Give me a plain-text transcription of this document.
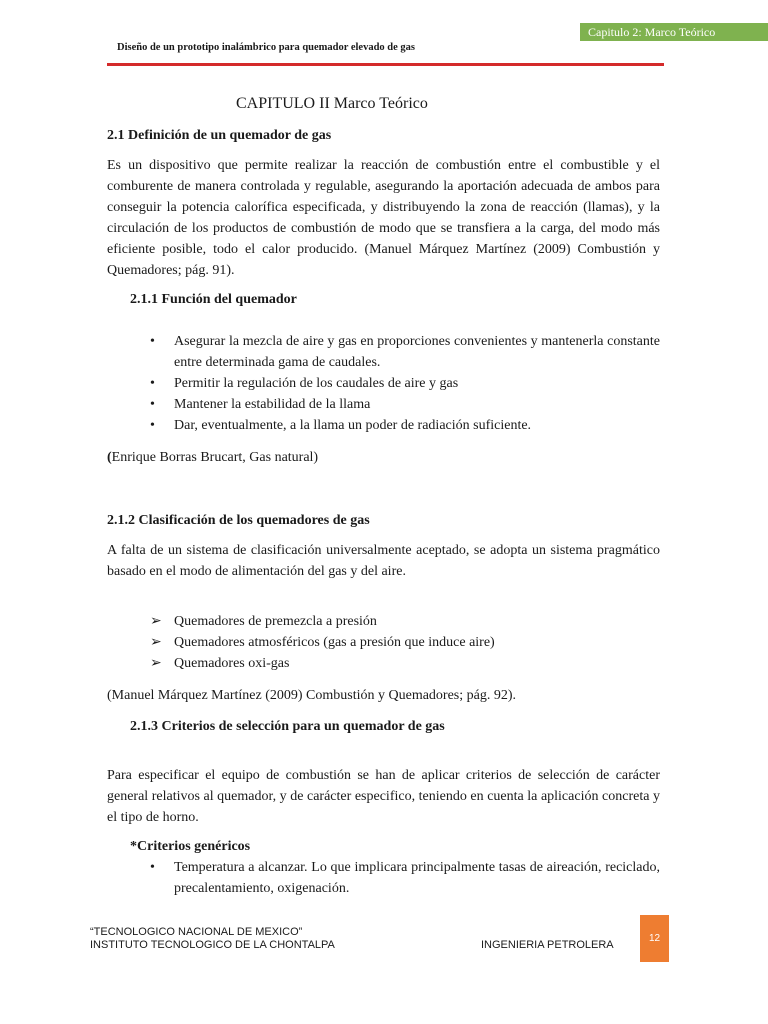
Capitulo 2: Marco Teórico
Diseño de un prototipo inalámbrico para quemador elevado de gas
CAPITULO II Marco Teórico
2.1 Definición de un quemador de gas
Es un dispositivo que permite realizar la reacción de combustión entre el combustible y el comburente de manera controlada y regulable, asegurando la aportación adecuada de ambos para conseguir la potencia calorífica especificada, y distribuyendo la zona de reacción (llamas), y la circulación de los productos de combustión de modo que se transfiera a la carga, del modo más eficiente posible, todo el calor producido. (Manuel Márquez Martínez (2009) Combustión y Quemadores; pág. 91).
2.1.1 Función del quemador
• Asegurar la mezcla de aire y gas en proporciones convenientes y mantenerla constante entre determinada gama de caudales.
• Permitir la regulación de los caudales de aire y gas
• Mantener la estabilidad de la llama
• Dar, eventualmente, a la llama un poder de radiación suficiente.
(Enrique Borras Brucart, Gas natural)
2.1.2 Clasificación de los quemadores de gas
A falta de un sistema de clasificación universalmente aceptado, se adopta un sistema pragmático basado en el modo de alimentación del gas y del aire.
➢ Quemadores de premezcla a presión
➢ Quemadores atmosféricos (gas a presión que induce aire)
➢ Quemadores oxi-gas
(Manuel Márquez Martínez (2009) Combustión y Quemadores; pág. 92).
2.1.3 Criterios de selección para un quemador de gas
Para especificar el equipo de combustión se han de aplicar criterios de selección de carácter general relativos al quemador, y de carácter especifico, teniendo en cuenta la aplicación concreta y el tipo de horno.
*Criterios genéricos
• Temperatura a alcanzar. Lo que implicara principalmente tasas de aireación, reciclado, precalentamiento, oxigenación.
“TECNOLOGICO NACIONAL DE MEXICO”
INSTITUTO TECNOLOGICO DE LA CHONTALPA	INGENIERIA PETROLERA
12
